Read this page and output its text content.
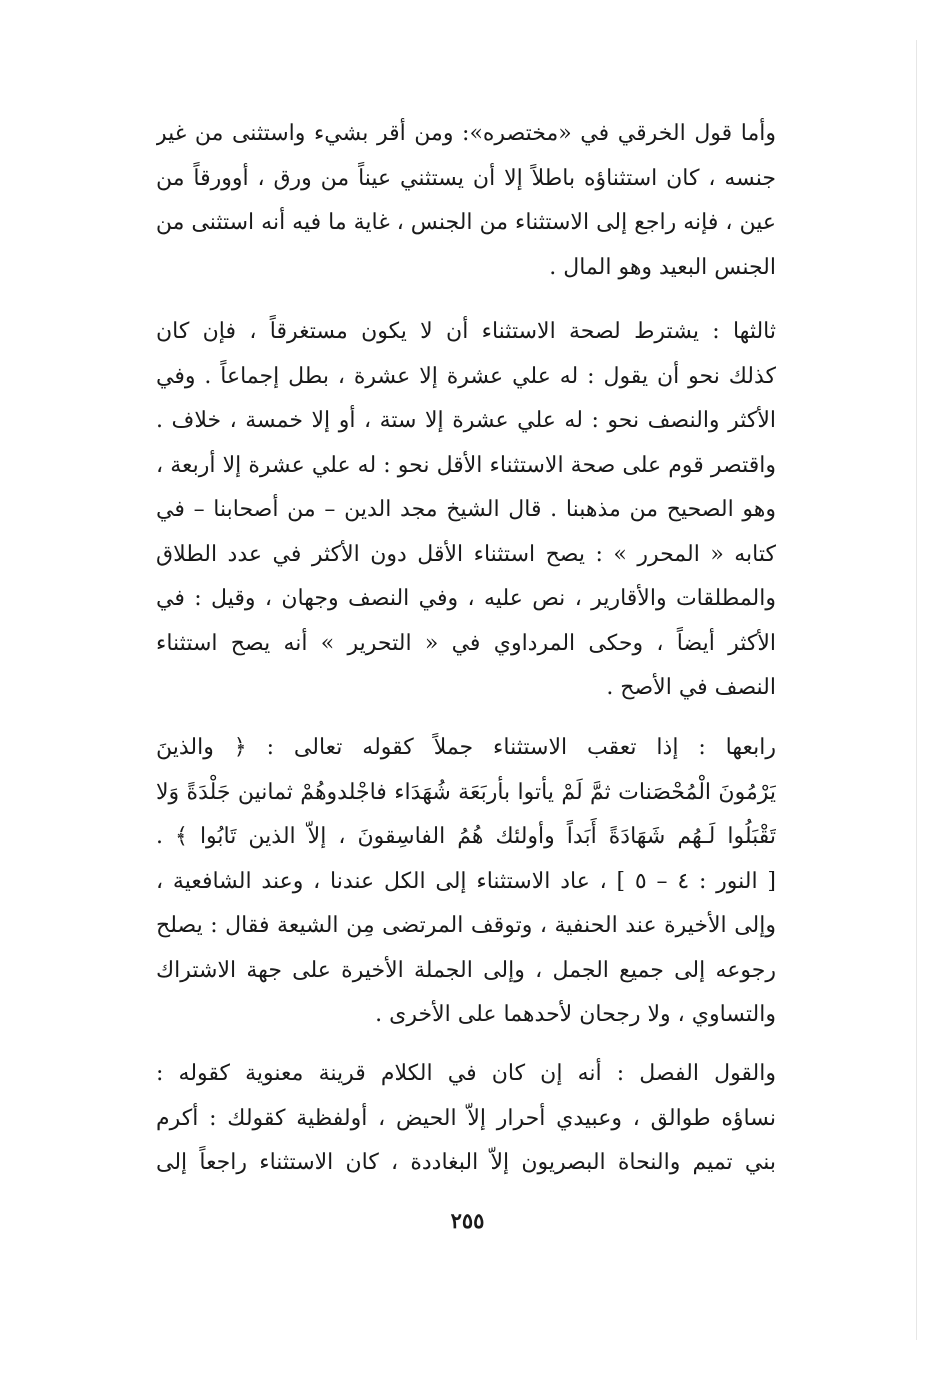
وأما قول الخرقي في «مختصره»: ومن أقر بشيء واستثنى من غير
جنسه ، كان استثناؤه باطلاً إلا أن يستثني عيناً من ورق ، أوورقاً من
عين ، فإنه راجع إلى الاستثناء من الجنس ، غاية ما فيه أنه استثنى من
الجنس البعيد وهو المال .
ثالثها : يشترط لصحة الاستثناء أن لا يكون مستغرقاً ، فإن كان
كذلك نحو أن يقول : له علي عشرة إلا عشرة ، بطل إجماعاً . وفي
الأكثر والنصف نحو : له علي عشرة إلا ستة ، أو إلا خمسة ، خلاف .
واقتصر قوم على صحة الاستثناء الأقل نحو : له علي عشرة إلا أربعة ،
وهو الصحيح من مذهبنا . قال الشيخ مجد الدين – من أصحابنا – في
كتابه « المحرر » : يصح استثناء الأقل دون الأكثر في عدد الطلاق
والمطلقات والأقارير ، نص عليه ، وفي النصف وجهان ، وقيل : في
الأكثر أيضاً ، وحكى المرداوي في « التحرير » أنه يصح استثناء
النصف في الأصح .
رابعها : إذا تعقب الاستثناء جملاً كقوله تعالى : ﴿ والذينَ
يَرْمُونَ الْمُحْصَنات ثمَّ لَمْ يأتوا بأربَعَة شُهَدَاء فاجْلدوهُمْ ثمانين جَلْدَةً وَلا
تَقْبَلُوا لَـهُم شَهَادَةً أَبَداً وأولئك هُمُ الفاسِقونَ ، إلاّ الذين تَابُوا ﴾ .
[ النور : ٤ – ٥ ] ، عاد الاستثناء إلى الكل عندنا ، وعند الشافعية ،
وإلى الأخيرة عند الحنفية ، وتوقف المرتضى مِن الشيعة فقال : يصلح
رجوعه إلى جميع الجمل ، وإلى الجملة الأخيرة على جهة الاشتراك
والتساوي ، ولا رجحان لأحدهما على الأخرى .
والقول الفصل : أنه إن كان في الكلام قرينة معنوية كقوله :
نساؤه طوالق ، وعبيدي أحرار إلاّ الحيض ، أولفظية كقولك : أكرم
بني تميم والنحاة البصريون إلاّ البغاددة ، كان الاستثناء راجعاً إلى
٢٥٥
